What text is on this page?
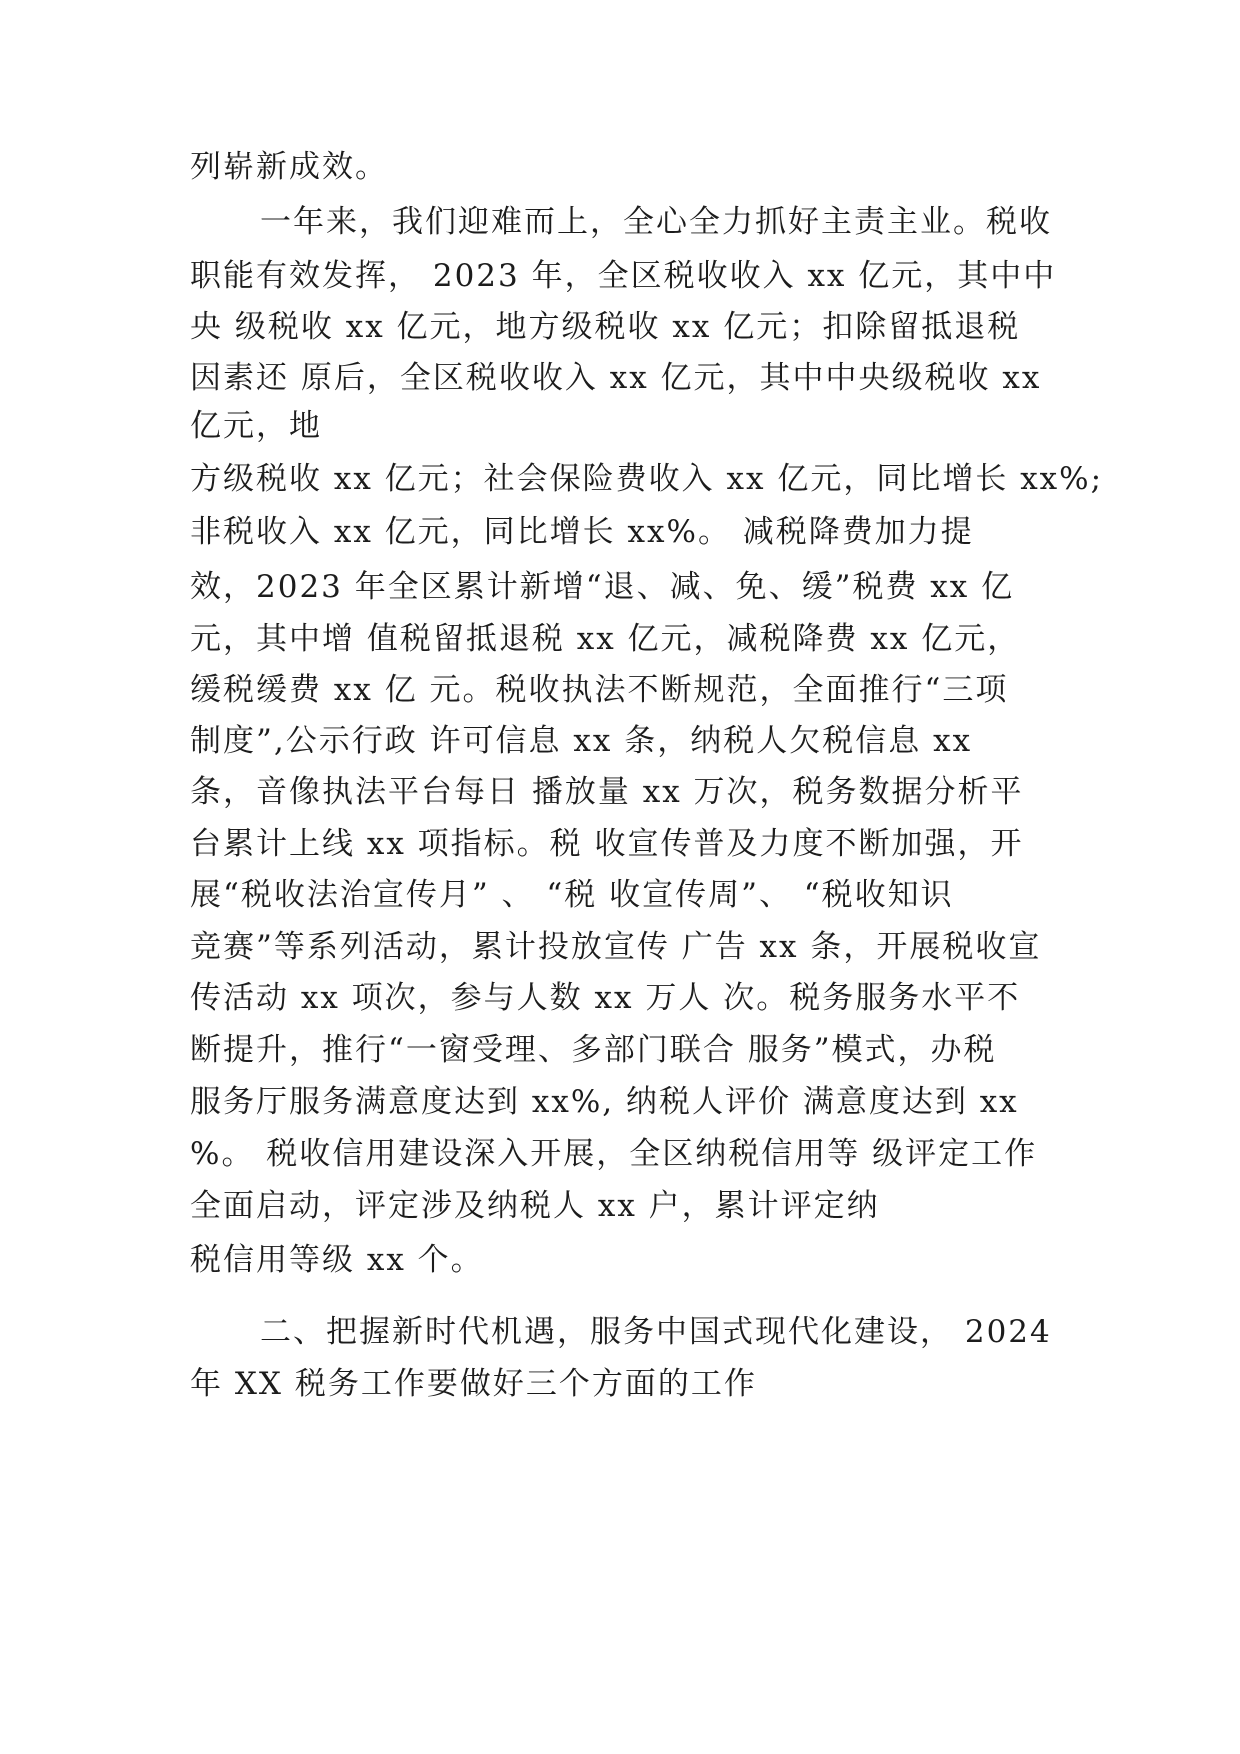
列崭新成效。
一年来，我们迎难而上，全心全力抓好主责主业。税收
职能有效发挥， 2023 年，全区税收收入 xx 亿元，其中中
央 级税收 xx 亿元，地方级税收 xx 亿元；扣除留抵退税
因素还 原后，全区税收收入 xx 亿元，其中中央级税收 xx
亿元，地
方级税收 xx 亿元；社会保险费收入 xx 亿元，同比增长 xx%;
非税收入 xx 亿元，同比增长 xx%。 减税降费加力提
效，2023 年全区累计新增“退、减、免、缓”税费 xx 亿
元，其中增 值税留抵退税 xx 亿元，减税降费 xx 亿元，
缓税缓费 xx 亿 元。税收执法不断规范，全面推行“三项
制度”,公示行政 许可信息 xx 条，纳税人欠税信息 xx
条，音像执法平台每日 播放量 xx 万次，税务数据分析平
台累计上线 xx 项指标。税 收宣传普及力度不断加强，开
展“税收法治宣传月” 、 “税 收宣传周”、 “税收知识
竞赛”等系列活动，累计投放宣传 广告 xx 条，开展税收宣
传活动 xx 项次，参与人数 xx 万人 次。税务服务水平不
断提升，推行“一窗受理、多部门联合 服务”模式，办税
服务厅服务满意度达到 xx%, 纳税人评价 满意度达到 xx
%。 税收信用建设深入开展，全区纳税信用等 级评定工作
全面启动，评定涉及纳税人 xx 户，累计评定纳
税信用等级 xx 个。
二、把握新时代机遇，服务中国式现代化建设， 2024
年 XX 税务工作要做好三个方面的工作
